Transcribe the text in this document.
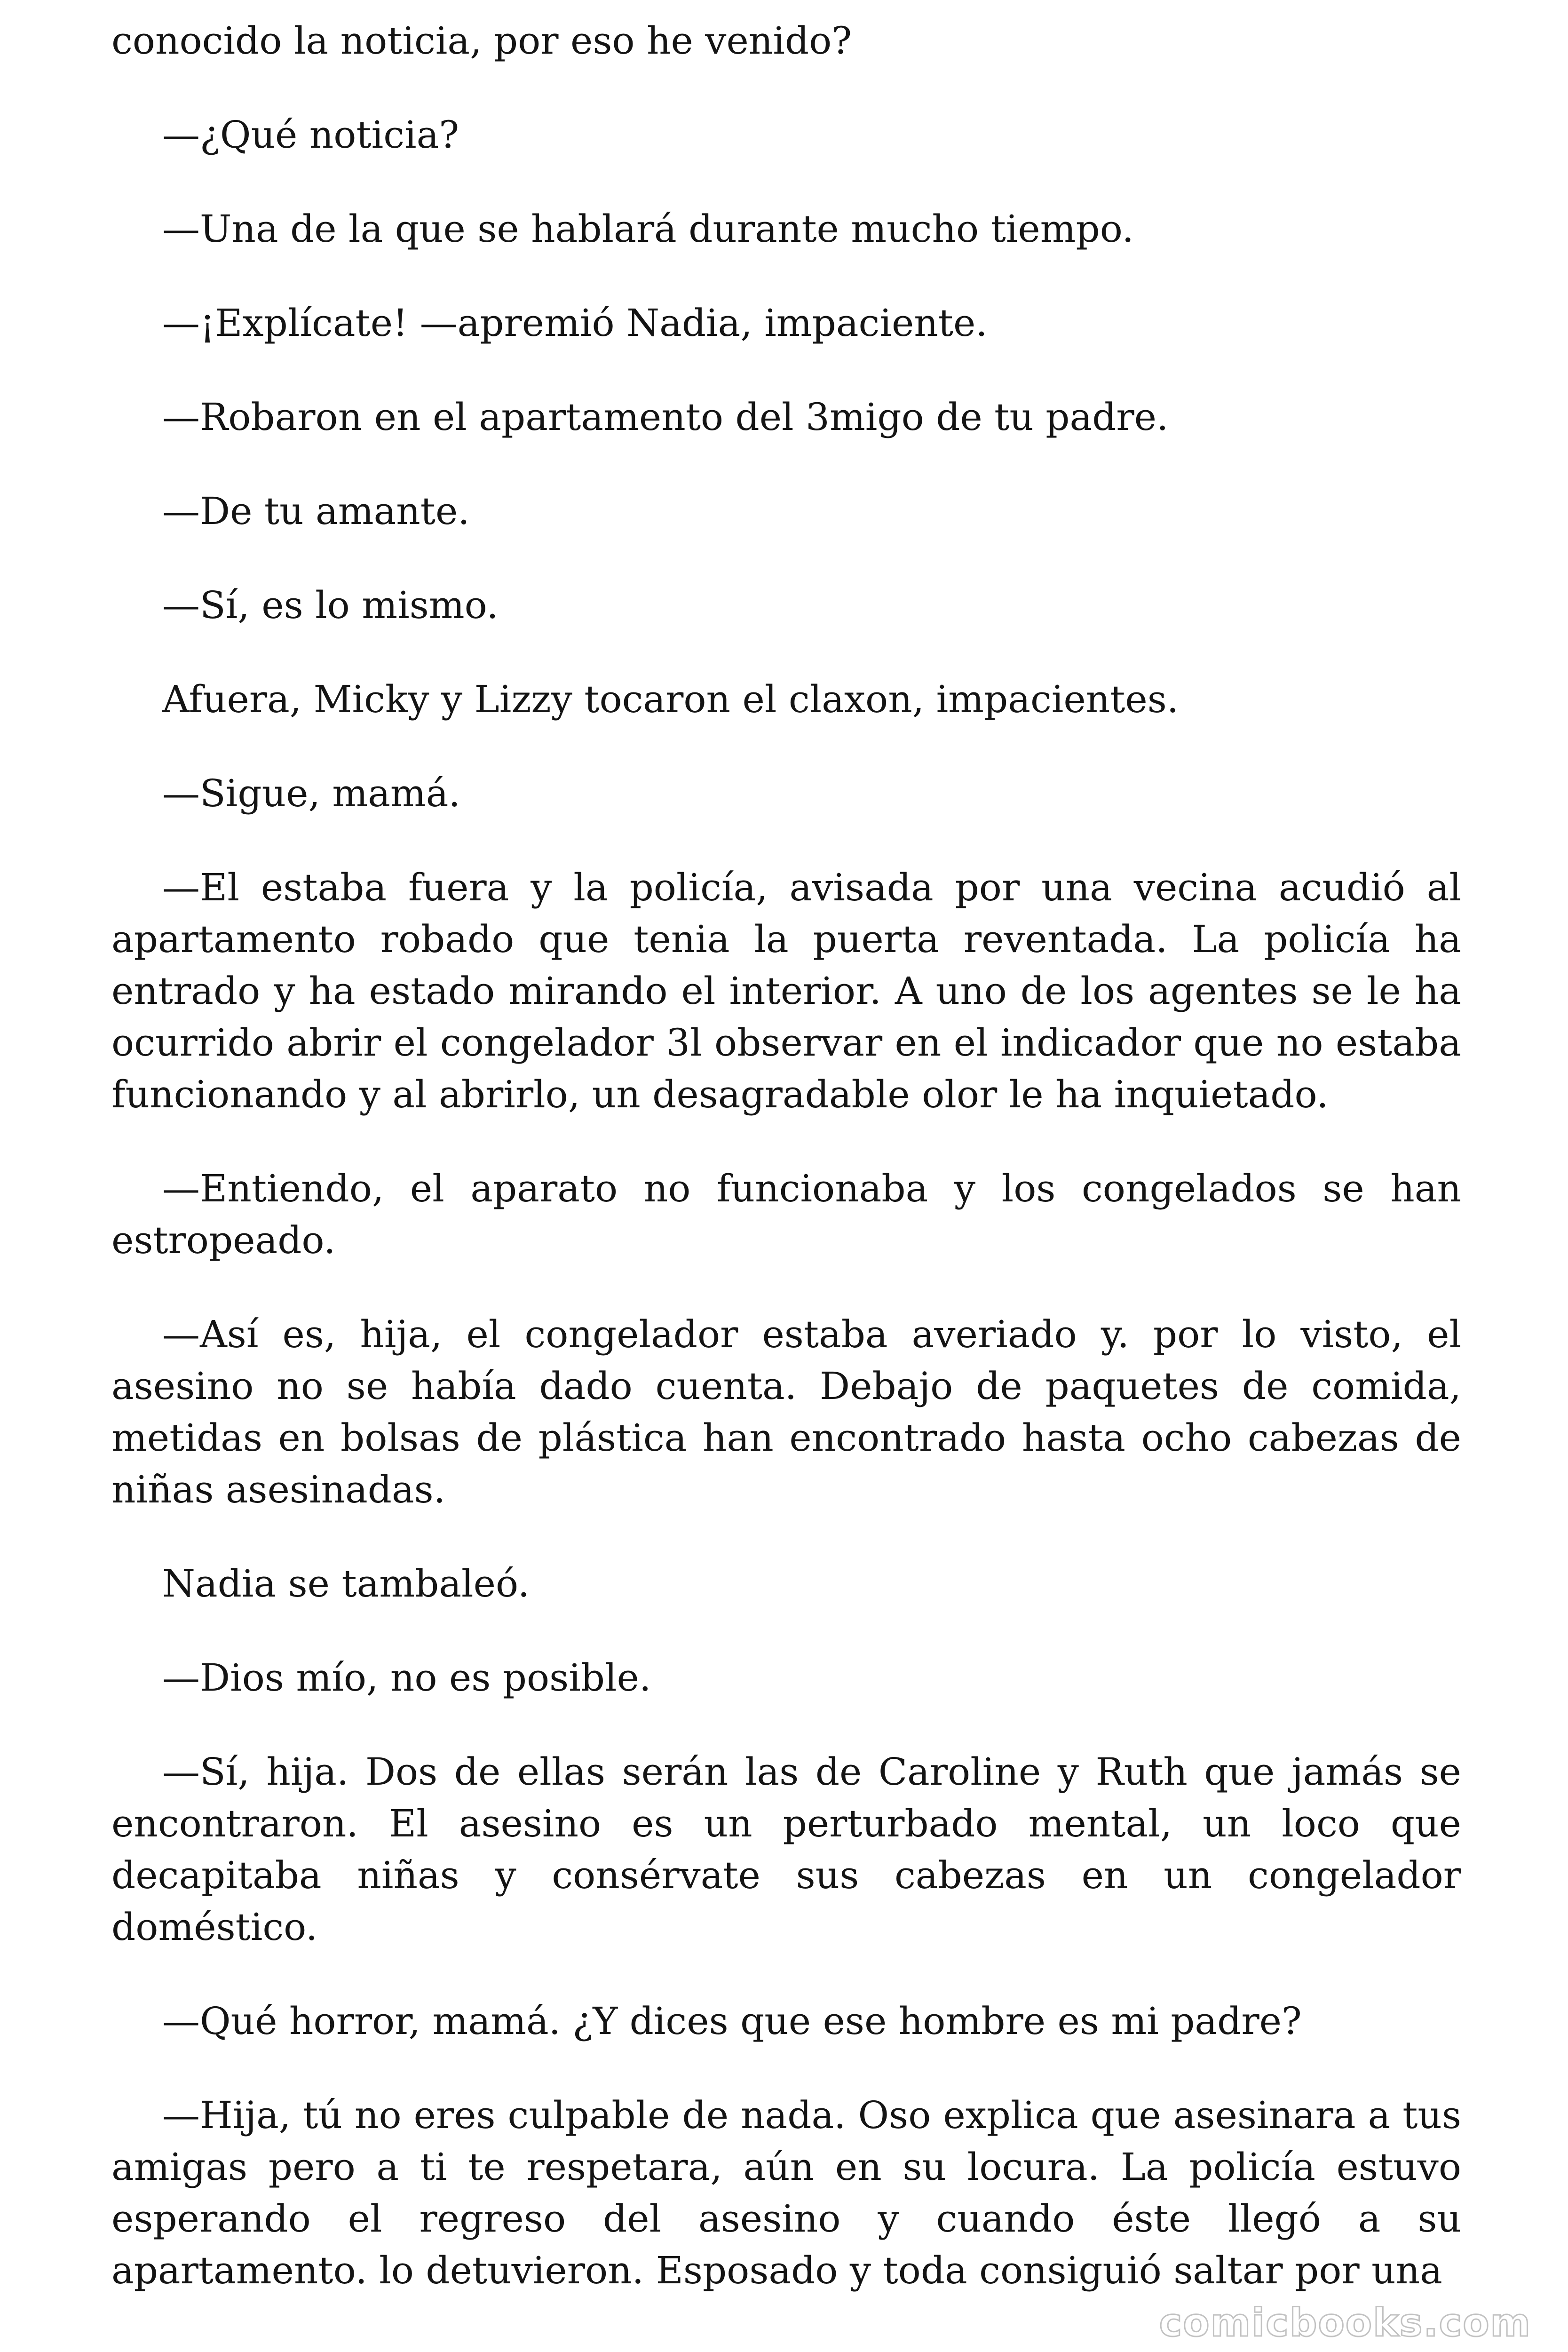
conocido la noticia, por eso he venido?

—¿Qué noticia?

—Una de la que se hablará durante mucho tiempo.

—¡Explícate! —apremió Nadia, impaciente.

—Robaron en el apartamento del 3migo de tu padre.

—De tu amante.

—Sí, es lo mismo.

Afuera, Micky y Lizzy tocaron el claxon, impacientes.

—Sigue, mamá.

—El estaba fuera y la policía, avisada por una vecina acudió al apartamento robado que tenia la puerta reventada. La policía ha entrado y ha estado mirando el interior. A uno de los agentes se le ha ocurrido abrir el congelador 3l observar en el indicador que no estaba funcionando y al abrirlo, un desagradable olor le ha inquietado.

—Entiendo, el aparato no funcionaba y los congelados se han estropeado.

—Así es, hija, el congelador estaba averiado y. por lo visto, el asesino no se había dado cuenta. Debajo de paquetes de comida, metidas en bolsas de plástica han encontrado hasta ocho cabezas de niñas asesinadas.

Nadia se tambaleó.

—Dios mío, no es posible.

—Sí, hija. Dos de ellas serán las de Caroline y Ruth que jamás se encontraron. El asesino es un perturbado mental, un loco que decapitaba niñas y consérvate sus cabezas en un congelador doméstico.

—Qué horror, mamá. ¿Y dices que ese hombre es mi padre?

—Hija, tú no eres culpable de nada. Oso explica que asesinara a tus amigas pero a ti te respetara, aún en su locura. La policía estuvo esperando el regreso del asesino y cuando éste llegó a su apartamento. lo detuvieron. Esposado y toda consiguió saltar por una

comicbooks.com
